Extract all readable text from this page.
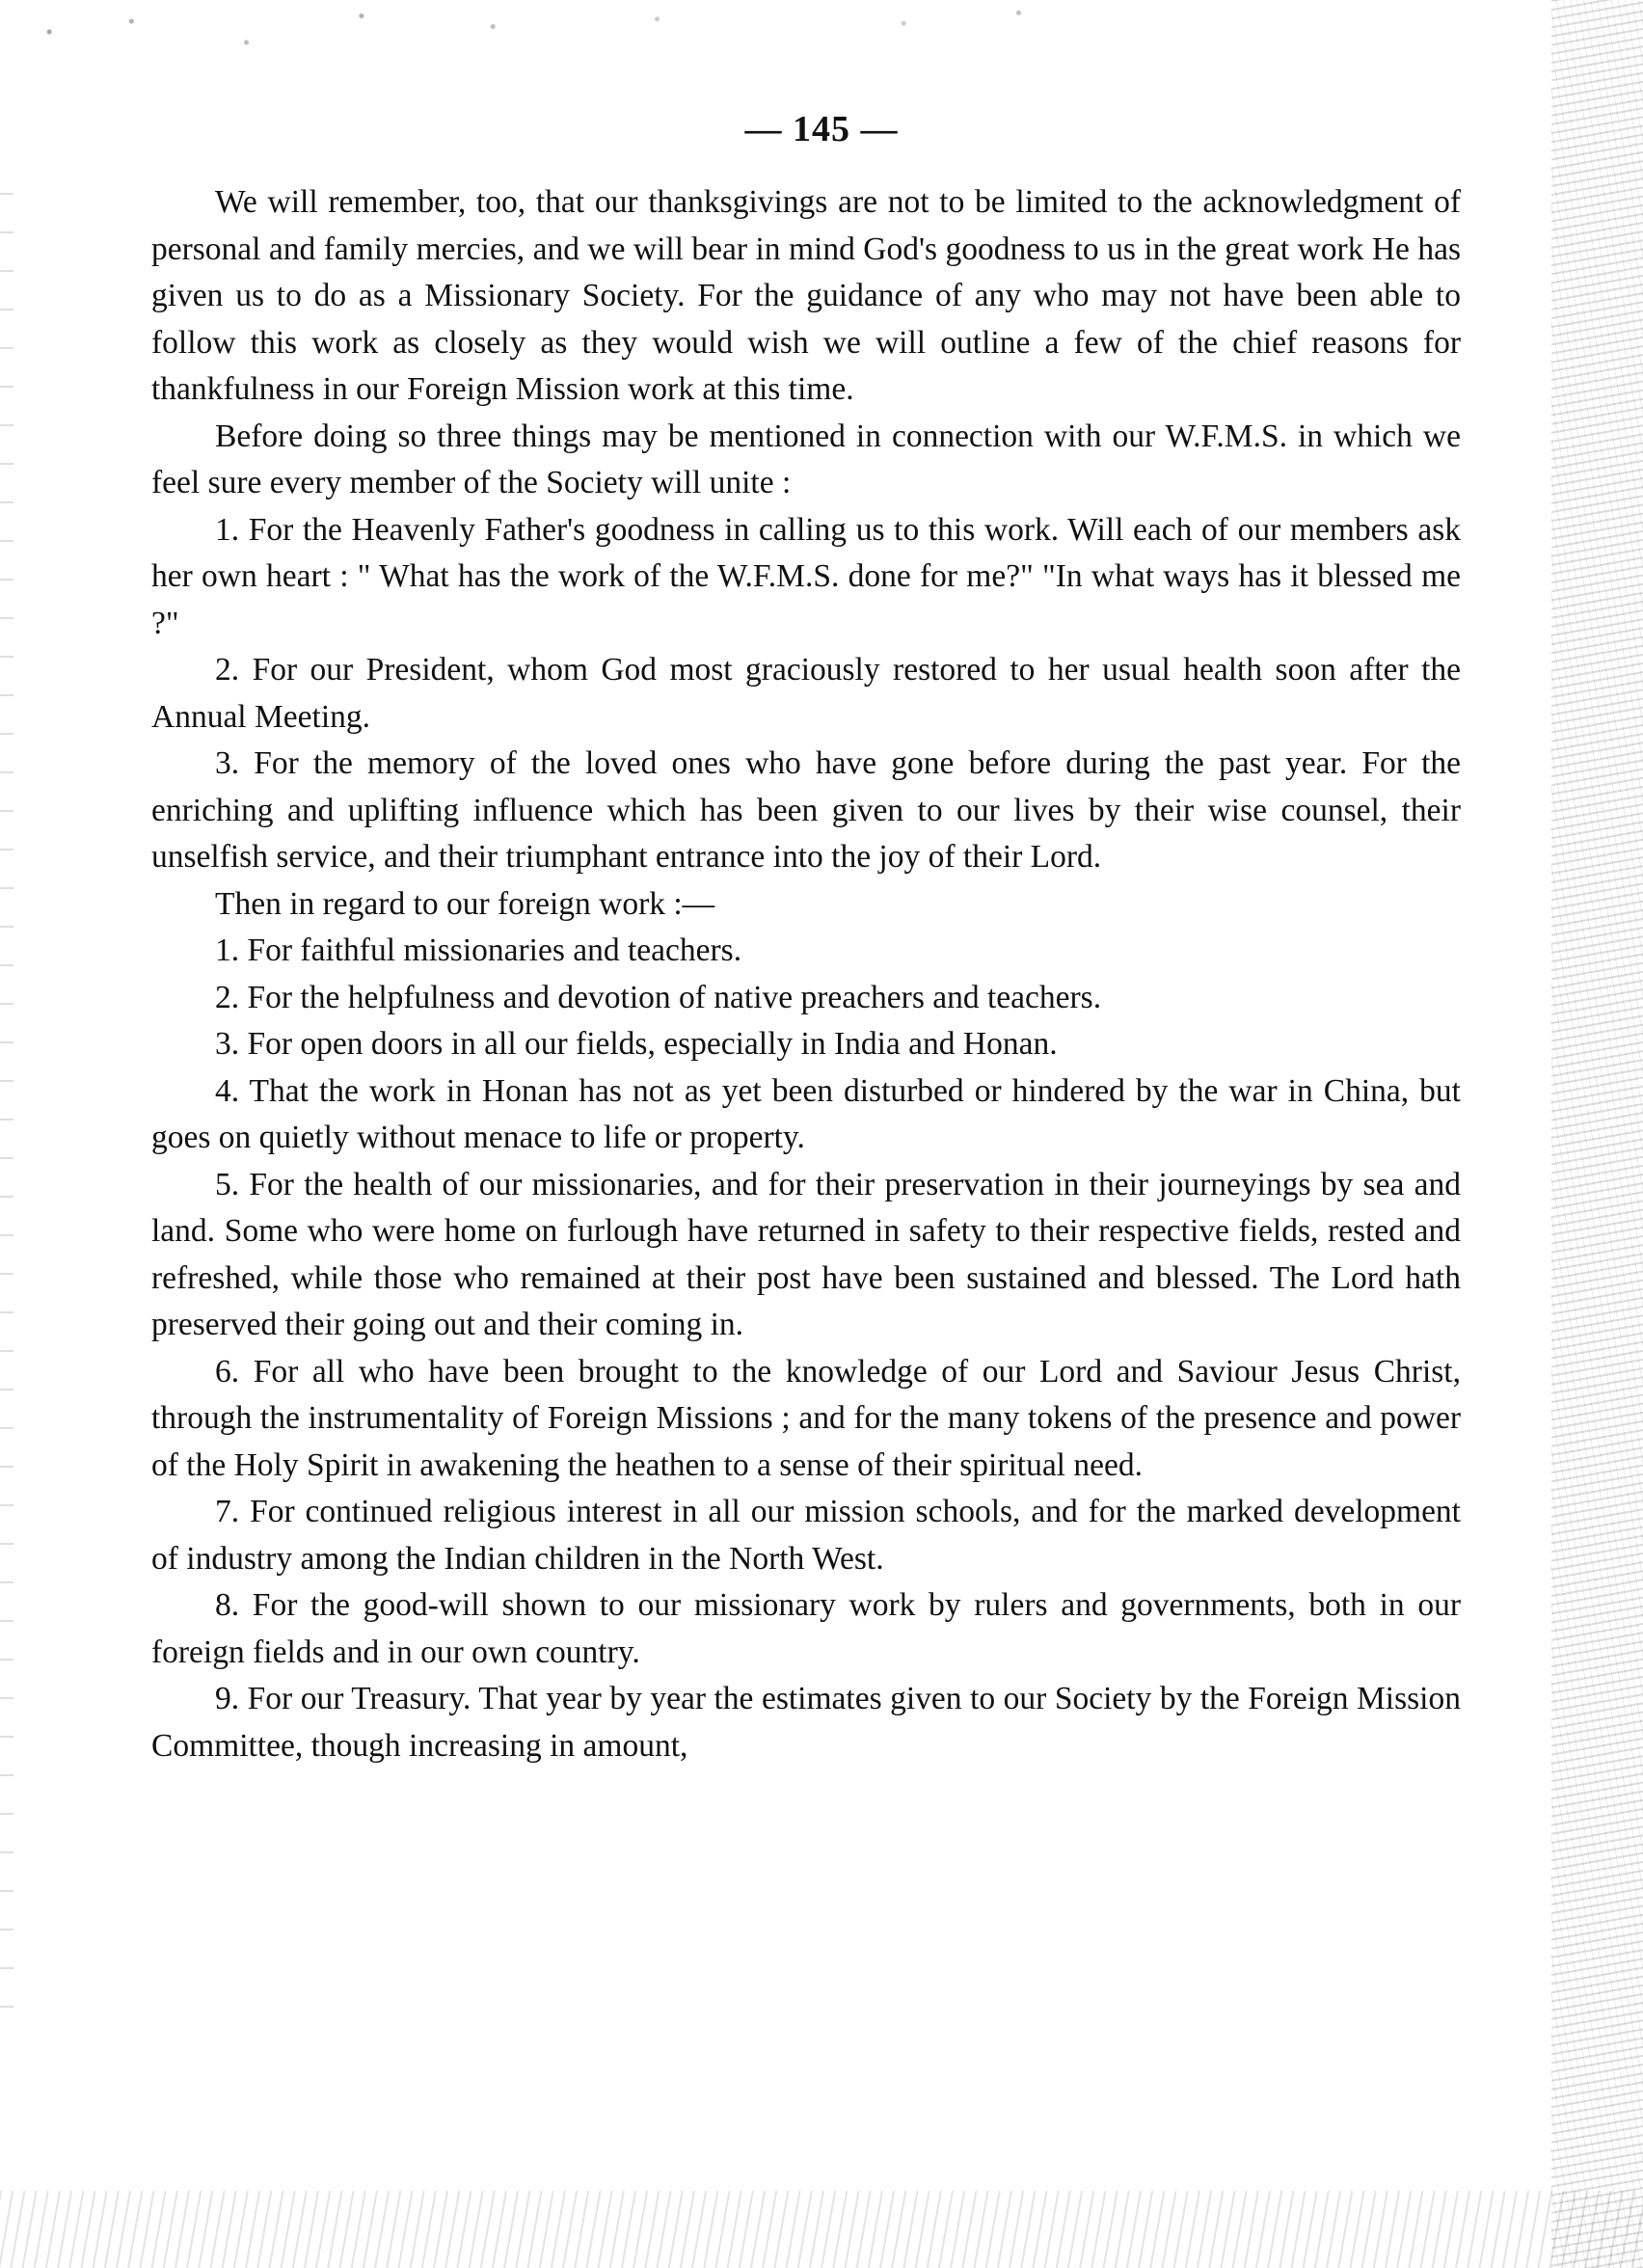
— 145 —

We will remember, too, that our thanksgivings are not to be limited to the acknowledgment of personal and family mercies, and we will bear in mind God's goodness to us in the great work He has given us to do as a Missionary Society. For the guidance of any who may not have been able to follow this work as closely as they would wish we will outline a few of the chief reasons for thankfulness in our Foreign Mission work at this time.

Before doing so three things may be mentioned in connection with our W.F.M.S. in which we feel sure every member of the Society will unite :

1. For the Heavenly Father's goodness in calling us to this work. Will each of our members ask her own heart : " What has the work of the W.F.M.S. done for me?" "In what ways has it blessed me ?"

2. For our President, whom God most graciously restored to her usual health soon after the Annual Meeting.

3. For the memory of the loved ones who have gone before during the past year. For the enriching and uplifting influence which has been given to our lives by their wise counsel, their unselfish service, and their triumphant entrance into the joy of their Lord.

Then in regard to our foreign work :—

1. For faithful missionaries and teachers.

2. For the helpfulness and devotion of native preachers and teachers.

3. For open doors in all our fields, especially in India and Honan.

4. That the work in Honan has not as yet been disturbed or hindered by the war in China, but goes on quietly without menace to life or property.

5. For the health of our missionaries, and for their preservation in their journeyings by sea and land. Some who were home on furlough have returned in safety to their respective fields, rested and refreshed, while those who remained at their post have been sustained and blessed. The Lord hath preserved their going out and their coming in.

6. For all who have been brought to the knowledge of our Lord and Saviour Jesus Christ, through the instrumentality of Foreign Missions ; and for the many tokens of the presence and power of the Holy Spirit in awakening the heathen to a sense of their spiritual need.

7. For continued religious interest in all our mission schools, and for the marked development of industry among the Indian children in the North West.

8. For the good-will shown to our missionary work by rulers and governments, both in our foreign fields and in our own country.

9. For our Treasury. That year by year the estimates given to our Society by the Foreign Mission Committee, though increasing in amount,
